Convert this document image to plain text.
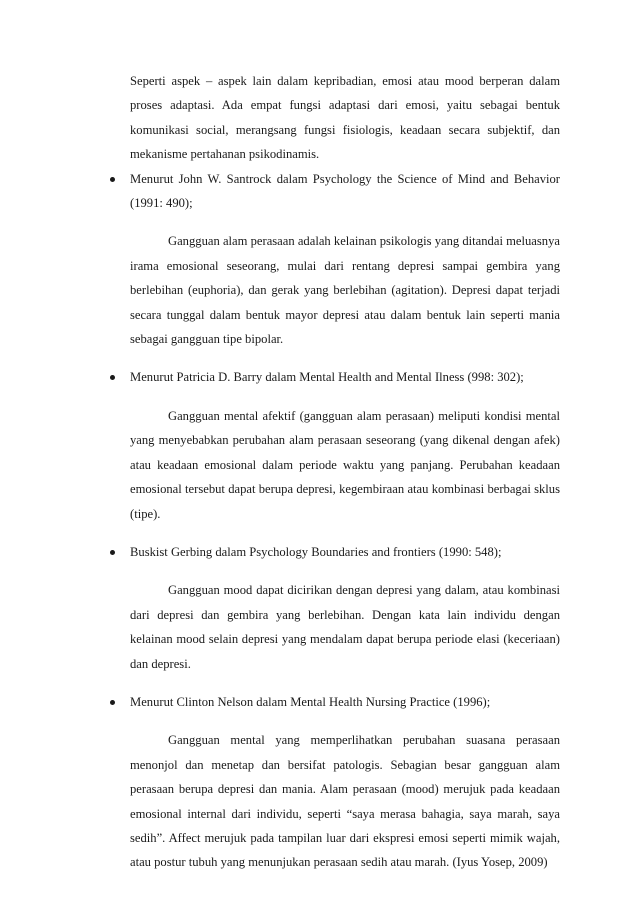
Seperti aspek – aspek lain dalam kepribadian, emosi atau mood berperan dalam proses adaptasi. Ada empat fungsi adaptasi dari emosi, yaitu sebagai bentuk komunikasi social, merangsang fungsi fisiologis, keadaan secara subjektif, dan mekanisme pertahanan psikodinamis.

Menurut John W. Santrock dalam Psychology the Science of Mind and Behavior (1991: 490);

Gangguan alam perasaan adalah kelainan psikologis yang ditandai meluasnya irama emosional seseorang, mulai dari rentang depresi sampai gembira yang berlebihan (euphoria), dan gerak yang berlebihan (agitation). Depresi dapat terjadi secara tunggal dalam bentuk mayor depresi atau dalam bentuk lain seperti mania sebagai gangguan tipe bipolar.

Menurut Patricia D. Barry dalam Mental Health and Mental Ilness (998: 302);

Gangguan mental afektif (gangguan alam perasaan) meliputi kondisi mental yang menyebabkan perubahan alam perasaan seseorang (yang dikenal dengan afek) atau keadaan emosional dalam periode waktu yang panjang. Perubahan keadaan emosional tersebut dapat berupa depresi, kegembiraan atau kombinasi berbagai sklus (tipe).

Buskist Gerbing dalam Psychology Boundaries and frontiers (1990: 548);

Gangguan mood dapat dicirikan dengan depresi yang dalam, atau kombinasi dari depresi dan gembira yang berlebihan. Dengan kata lain individu dengan kelainan mood selain depresi yang mendalam dapat berupa periode elasi (keceriaan) dan depresi.

Menurut Clinton Nelson dalam Mental Health Nursing Practice (1996);

Gangguan mental yang memperlihatkan perubahan suasana perasaan menonjol dan menetap dan bersifat patologis. Sebagian besar gangguan alam perasaan berupa depresi dan mania. Alam perasaan (mood) merujuk pada keadaan emosional internal dari individu, seperti “saya merasa bahagia, saya marah, saya sedih”. Affect merujuk pada tampilan luar dari ekspresi emosi seperti mimik wajah, atau postur tubuh yang menunjukan perasaan sedih atau marah. (Iyus Yosep, 2009)
